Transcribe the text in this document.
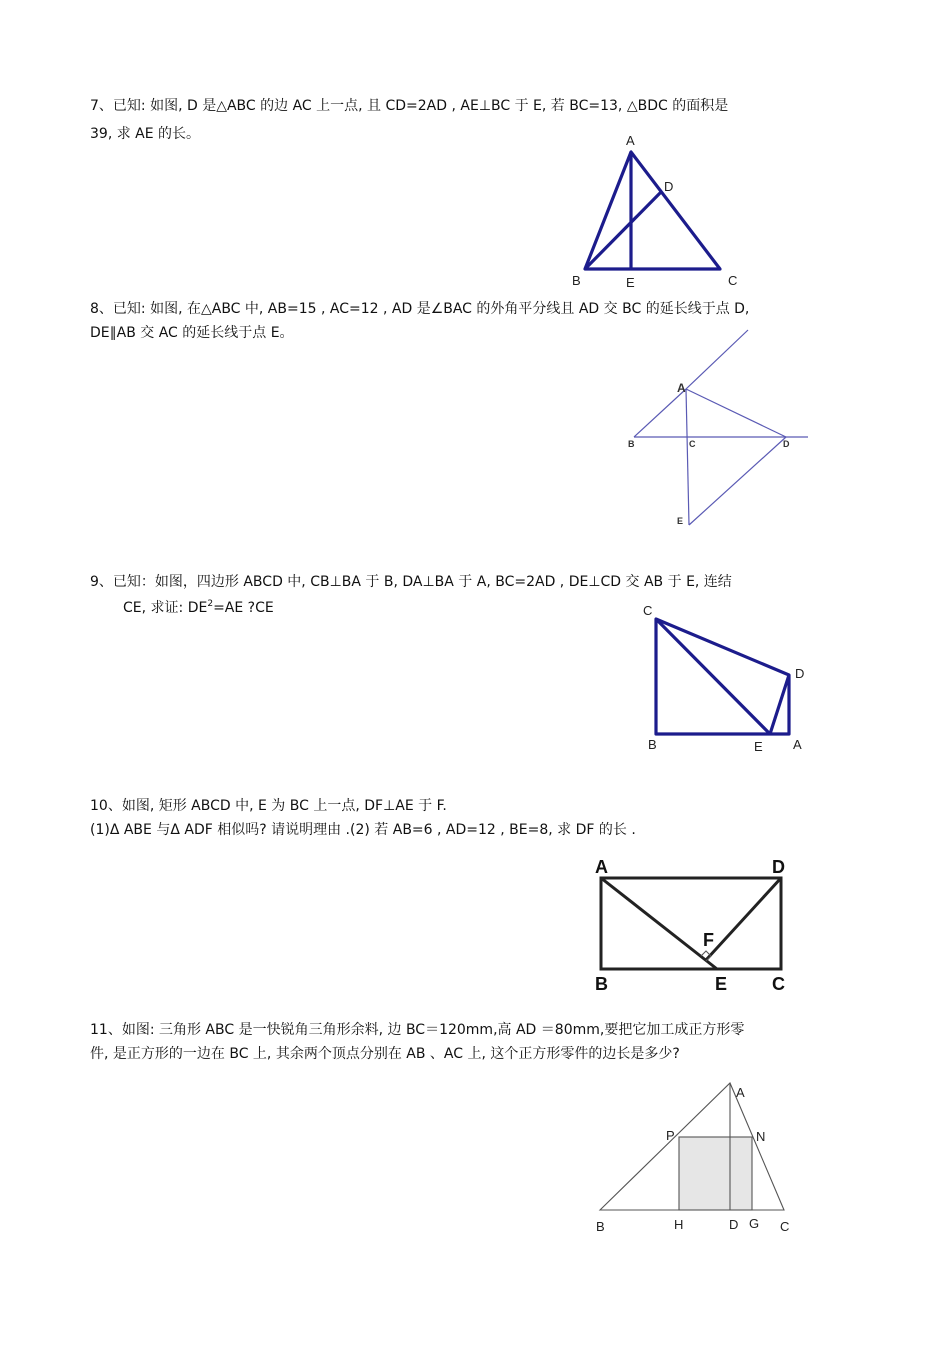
7、已知: 如图, D 是△ABC 的边 AC 上一点, 且 CD=2AD , AE⊥BC 于 E, 若 BC=13, △BDC 的面积是
39, 求 AE 的长。	A
D
B	E	C
8、已知: 如图, 在△ABC 中, AB=15 , AC=12 , AD 是∠BAC 的外角平分线且 AD 交 BC 的延长线于点 D,
DE∥AB 交 AC 的延长线于点 E。
A
B	C	D
E
9、已知：如图，四边形 ABCD 中, CB⊥BA 于 B, DA⊥BA 于 A, BC=2AD , DE⊥CD 交 AB 于 E, 连结
CE, 求证: $DE^2=AE$ ?CE	C
D
B	E A
10、如图, 矩形 ABCD 中, E 为 BC 上一点, DF⊥AE 于 F.
(1)Δ ABE 与Δ ADF 相似吗? 请说明理由 .(2) 若 AB=6 , AD=12 , BE=8, 求 DF 的长 .
A	D
F
B	E C
11、如图: 三角形 ABC 是一快锐角三角形余料, 边 BC＝120mm,高 AD ＝80mm,要把它加工成正方形零
件, 是正方形的一边在 BC 上, 其余两个顶点分别在 AB 、AC 上, 这个正方形零件的边长是多少?
A
P	N
B	H	D G C
